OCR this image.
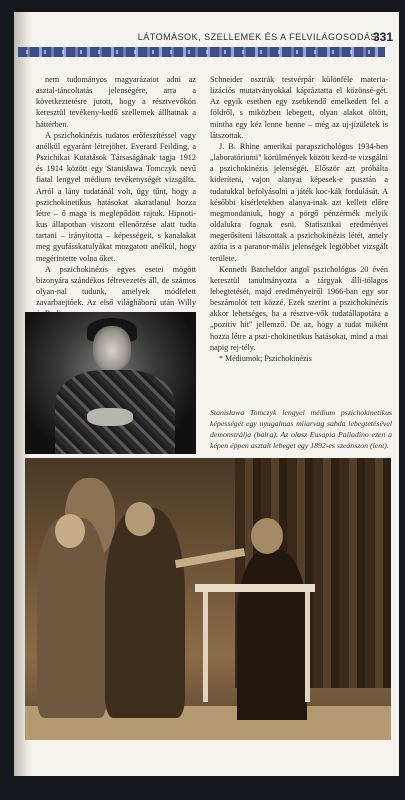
LÁTOMÁSOK, SZELLEMEK ÉS A FELVILÁGOSODÁS
331

nem tudományos magyarázatot adni az asztal-táncoltatás jelenségére, arra a következtetésre jutott, hogy a résztvevőkön keresztül tevékeny-kedő szellemek állhatnak a háttérben.

A pszichokinézis tudatos erőfeszítéssel vagy anélkül egyaránt létrejöhet. Everard Feilding, a Pszichikai Kutatások Társaságának tagja 1912 és 1914 között egy Stanisława Tomczyk nevű fiatal lengyel médium tevékenységét vizsgálta. Arról a lány tudatánál volt, úgy tűnt, hogy a pszichokinetikus hatásokat akaratlanul hozza létre – ő maga is meglepődött rajtuk. Hipnoti-kus állapotban viszont ellenőrzése alatt tudta tartani – irányította – képességeit, s kanalakat meg gyufásskatulyákat mozgatott anélkül, hogy megérintette volna őket.

A pszichokinézis egyes esetei mögött bizonyára szándékos félrevezetés áll, de számos olyan-nal tudunk, amelyek módfelett zavarbaejtőek. Az első világháború után Willy

Schneider osztrák testvérpár különféle materia-lizációs mutatványokkal kápráztatta el közönsé-gét. Az egyik esetben egy zsebkendő emelkedett fel a földről, s miközben lebegett, olyan alakot öltött, mintha egy kéz lenne benne – még az uj-jízületek is látszottak.

J. B. Rhine amerikai parapszichológus 1934-ben „laboratóriumi" körülmények között kezd-te vizsgálni a pszichokinézis jelenségét. Először azt próbálta kideríteni, vajon alanyai képesek-e pusztán a tudatukkal befolyásolni a játék koc-kák fordulását. A későbbi kísérletekben alanya-inak azt kellett előre megmondaniuk, hogy a pörgő pénzérmék melyik oldalukra fognak esni. Statisztikai eredményei megerősíteni látszottak a pszichokinézis létét, amely azóta is a paranor-mális jelenségek legtöbbet vizsgált területe.

Kenneth Batcheldor angol pszichológus 20 évén keresztül tanulmányozta a tárgyak álli-tólagos lebegtetését, majd eredményeiről 1966-ban egy sor beszámolót tett közzé. Ezek szerint a pszichokinézis akkor lehetséges, ha a résztve-vők tudatállapotára a „pozitív hit" jellemző. De az, hogy a tudat miként hozza létre a pszi-chokinetikus hatásokat, mind a mai napig rej-tély.

* Médiumok; Pszichokinézis

Stanisława Tomczyk lengyel médium pszichokinetikus képességét egy nyugalmas miiarvag sabda lebegtetésével demonstrálja (balra). Az olasz Eusapia Palladino ezen a képen éppen asztalt lebeget egy 1892-es szeánszon (lent).
